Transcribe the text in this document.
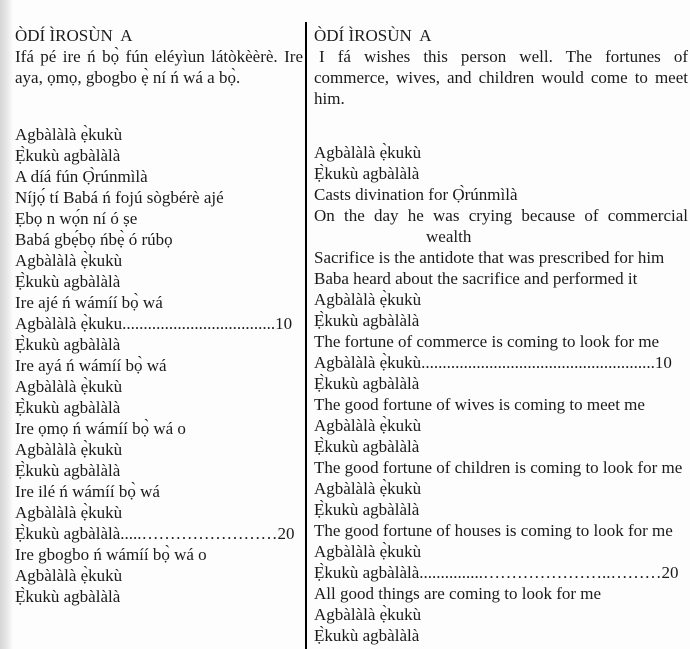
ÒDÍ ÌROSÙN  A
Ifá pé ire ń bọ̀ fún eléyìun látòkèèrè. Ire
aya, ọmọ, gbogbo ẹ̀ ní ń wá a bọ̀.
Agbàlàlà ẹ̀kukù
Ẹ̀kukù agbàlàlà
A díá fún Ọ̀rúnmìlà
Níjọ́ tí Babá ń fojú sògbérè ajé
Ẹbọ n wọ́n ní ó ṣe
Babá gbẹ́bọ ńbẹ̀ ó rúbọ
Agbàlàlà ẹ̀kukù
Ẹ̀kukù agbàlàlà
Ire ajé ń wámíí bọ̀ wá
Agbàlàlà ẹ̀kuku....................................10
Ẹ̀kukù agbàlàlà
Ire ayá ń wámíí bọ̀ wá
Agbàlàlà ẹ̀kukù
Ẹ̀kukù agbàlàlà
Ire ọmọ ń wámíí bọ̀ wá o
Agbàlàlà ẹ̀kukù
Ẹ̀kukù agbàlàlà
Ire ilé ń wámíí bọ̀ wá
Agbàlàlà ẹ̀kukù
Ẹ̀kukù agbàlàlà.....……………………20
Ire gbogbo ń wámíí bọ̀ wá o
Agbàlàlà ẹ̀kukù
Ẹ̀kukù agbàlàlà
ÒDÍ ÌROSÙN  A
I fá wishes this person well. The fortunes of
commerce, wives, and children would come to meet
him.
Agbàlàlà ẹ̀kukù
Ẹ̀kukù agbàlàlà
Casts divination for Ọ̀rúnmìlà
On the day he was crying because of commercial
wealth
Sacrifice is the antidote that was prescribed for him
Baba heard about the sacrifice and performed it
Agbàlàlà ẹ̀kukù
Ẹ̀kukù agbàlàlà
The fortune of commerce is coming to look for me
Agbàlàlà ẹ̀kukù.......................................................10
Ẹ̀kukù agbàlàlà
The good fortune of wives is coming to meet me
Agbàlàlà ẹ̀kukù
Ẹ̀kukù agbàlàlà
The good fortune of children is coming to look for me
Agbàlàlà ẹ̀kukù
Ẹ̀kukù agbàlàlà
The good fortune of houses is coming to look for me
Agbàlàlà ẹ̀kukù
Ẹ̀kukù agbàlàlà...............…………………..………20
All good things are coming to look for me
Agbàlàlà ẹ̀kukù
Ẹ̀kukù agbàlàlà
